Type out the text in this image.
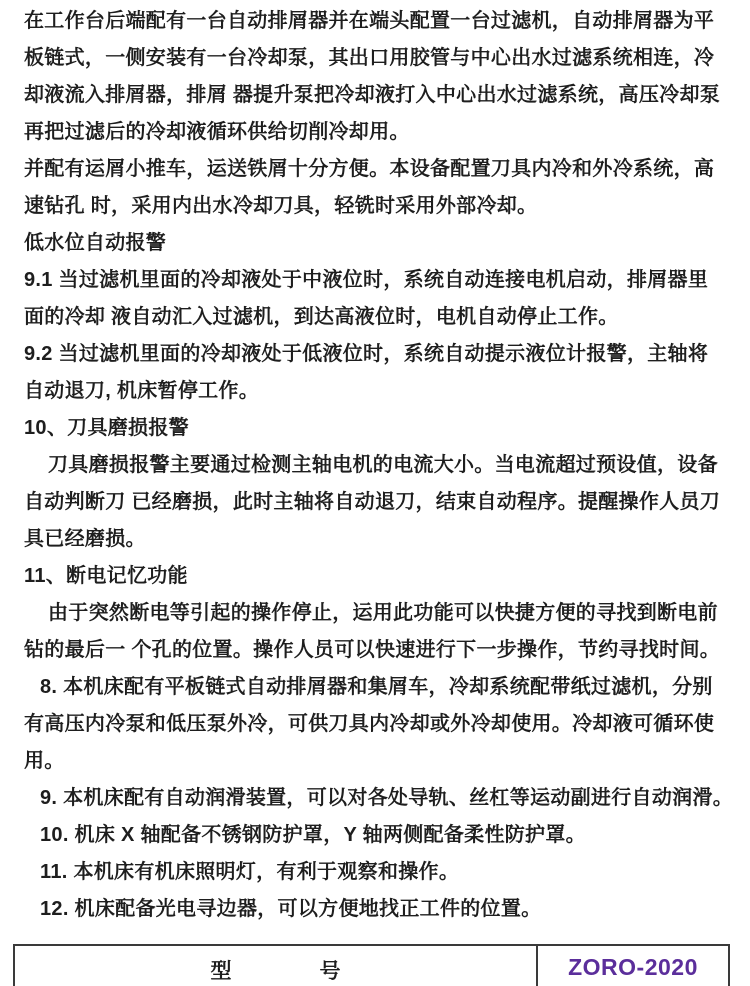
在工作台后端配有一台自动排屑器并在端头配置一台过滤机，自动排屑器为平
板链式，一侧安装有一台冷却泵，其出口用胶管与中心出水过滤系统相连，冷
却液流入排屑器，排屑 器提升泵把冷却液打入中心出水过滤系统，高压冷却泵
再把过滤后的冷却液循环供给切削冷却用。
并配有运屑小推车，运送铁屑十分方便。本设备配置刀具内冷和外冷系统，高
速钻孔 时，采用内出水冷却刀具，轻铣时采用外部冷却。
低水位自动报警
9.1 当过滤机里面的冷却液处于中液位时，系统自动连接电机启动，排屑器里
面的冷却 液自动汇入过滤机，到达高液位时，电机自动停止工作。
9.2 当过滤机里面的冷却液处于低液位时，系统自动提示液位计报警，主轴将
自动退刀, 机床暂停工作。
10、刀具磨损报警
刀具磨损报警主要通过检测主轴电机的电流大小。当电流超过预设值，设备
自动判断刀 已经磨损，此时主轴将自动退刀，结束自动程序。提醒操作人员刀
具已经磨损。
11、断电记忆功能
由于突然断电等引起的操作停止，运用此功能可以快捷方便的寻找到断电前
钻的最后一 个孔的位置。操作人员可以快速进行下一步操作，节约寻找时间。
8. 本机床配有平板链式自动排屑器和集屑车，冷却系统配带纸过滤机，分别
有高压内冷泵和低压泵外冷，可供刀具内冷却或外冷却使用。冷却液可循环使
用。
9. 本机床配有自动润滑装置，可以对各处导轨、丝杠等运动副进行自动润滑。
10. 机床 X 轴配备不锈钢防护罩，Y 轴两侧配备柔性防护罩。
11. 本机床有机床照明灯，有利于观察和操作。
12. 机床配备光电寻边器，可以方便地找正工件的位置。
型	号	ZORO-2020
